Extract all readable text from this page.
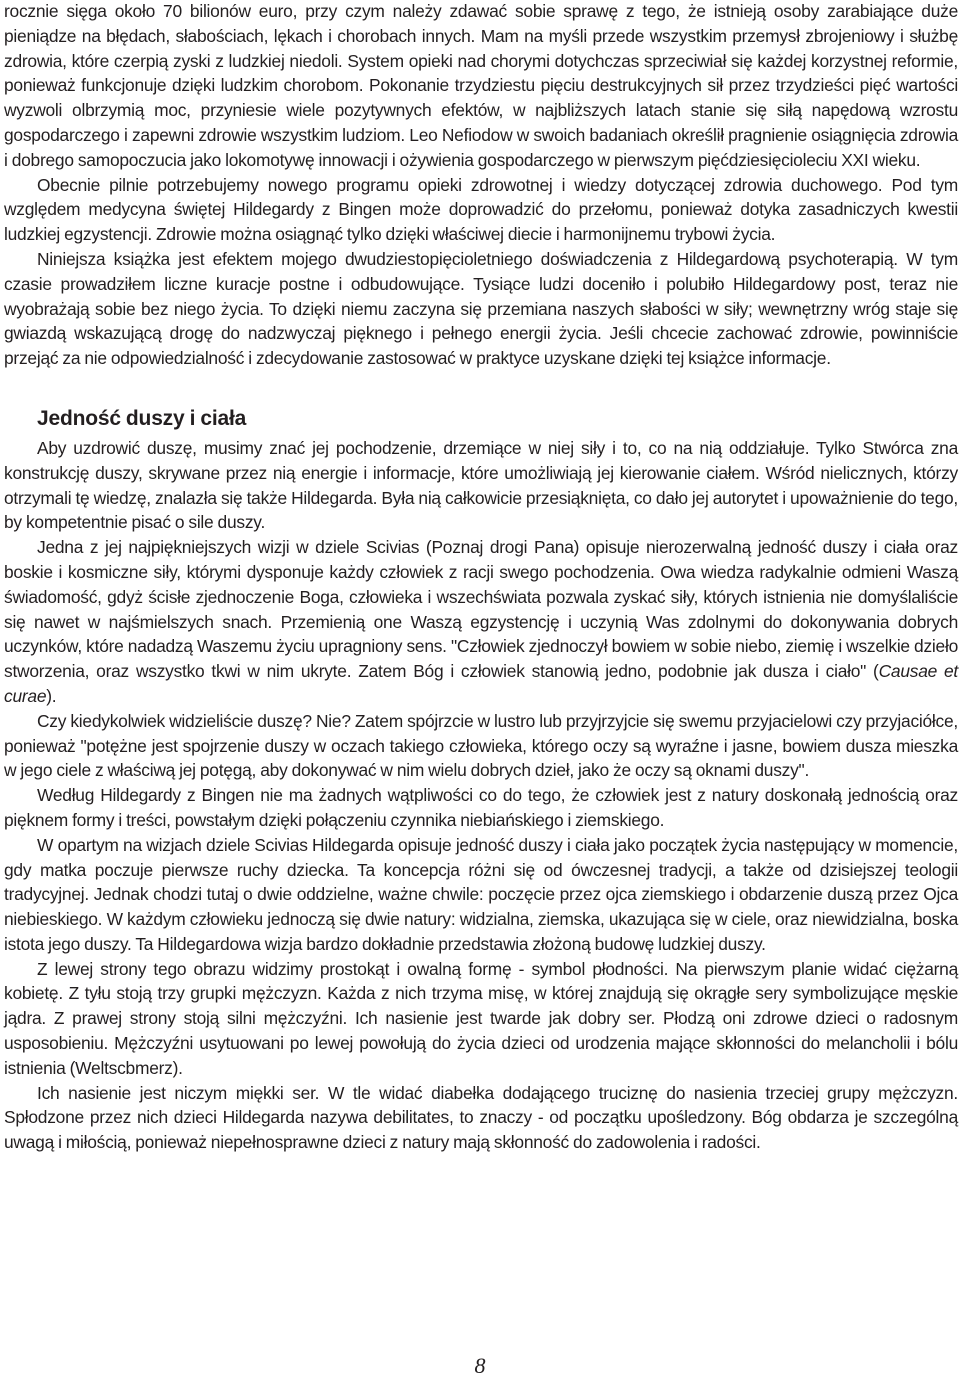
rocznie sięga około 70 bilionów euro, przy czym należy zdawać sobie sprawę z tego, że istnieją osoby zarabiające duże pieniądze na błędach, słabościach, lękach i chorobach innych. Mam na myśli przede wszystkim przemysł zbrojeniowy i służbę zdrowia, które czerpią zyski z ludzkiej niedoli. System opieki nad chorymi dotychczas sprzeciwiał się każdej korzystnej reformie, ponieważ funkcjonuje dzięki ludzkim chorobom. Pokonanie trzydziestu pięciu destrukcyjnych sił przez trzydzieści pięć wartości wyzwoli olbrzymią moc, przyniesie wiele pozytywnych efektów, w najbliższych latach stanie się siłą napędową wzrostu gospodarczego i zapewni zdrowie wszystkim ludziom. Leo Nefiodow w swoich badaniach określił pragnienie osiągnięcia zdrowia i dobrego samopoczucia jako lokomotywę innowacji i ożywienia gospodarczego w pierwszym pięćdziesięcioleciu XXI wieku.

Obecnie pilnie potrzebujemy nowego programu opieki zdrowotnej i wiedzy dotyczącej zdrowia duchowego. Pod tym względem medycyna świętej Hildegardy z Bingen może doprowadzić do przełomu, ponieważ dotyka zasadniczych kwestii ludzkiej egzystencji. Zdrowie można osiągnąć tylko dzięki właściwej diecie i harmonijnemu trybowi życia.

Niniejsza książka jest efektem mojego dwudziestopięcioletniego doświadczenia z Hildegardową psychoterapią. W tym czasie prowadziłem liczne kuracje postne i odbudowujące. Tysiące ludzi doceniło i polubiło Hildegardowy post, teraz nie wyobrażają sobie bez niego życia. To dzięki niemu zaczyna się przemiana naszych słabości w siły; wewnętrzny wróg staje się gwiazdą wskazującą drogę do nadzwyczaj pięknego i pełnego energii życia. Jeśli chcecie zachować zdrowie, powinniście przejąć za nie odpowiedzialność i zdecydowanie zastosować w praktyce uzyskane dzięki tej książce informacje.

Jedność duszy i ciała

Aby uzdrowić duszę, musimy znać jej pochodzenie, drzemiące w niej siły i to, co na nią oddziałuje. Tylko Stwórca zna konstrukcję duszy, skrywane przez nią energie i informacje, które umożliwiają jej kierowanie ciałem. Wśród nielicznych, którzy otrzymali tę wiedzę, znalazła się także Hildegarda. Była nią całkowicie przesiąknięta, co dało jej autorytet i upoważnienie do tego, by kompetentnie pisać o sile duszy.

Jedna z jej najpiękniejszych wizji w dziele Scivias (Poznaj drogi Pana) opisuje nierozerwalną jedność duszy i ciała oraz boskie i kosmiczne siły, którymi dysponuje każdy człowiek z racji swego pochodzenia. Owa wiedza radykalnie odmieni Waszą świadomość, gdyż ścisłe zjednoczenie Boga, człowieka i wszechświata pozwala zyskać siły, których istnienia nie domyślaliście się nawet w najśmielszych snach. Przemienią one Waszą egzystencję i uczynią Was zdolnymi do dokonywania dobrych uczynków, które nadadzą Waszemu życiu upragniony sens. "Człowiek zjednoczył bowiem w sobie niebo, ziemię i wszelkie dzieło stworzenia, oraz wszystko tkwi w nim ukryte. Zatem Bóg i człowiek stanowią jedno, podobnie jak dusza i ciało" (Causae et curae).

Czy kiedykolwiek widzieliście duszę? Nie? Zatem spójrzcie w lustro lub przyjrzyjcie się swemu przyjacielowi czy przyjaciółce, ponieważ "potężne jest spojrzenie duszy w oczach takiego człowieka, którego oczy są wyraźne i jasne, bowiem dusza mieszka w jego ciele z właściwą jej potęgą, aby dokonywać w nim wielu dobrych dzieł, jako że oczy są oknami duszy".

Według Hildegardy z Bingen nie ma żadnych wątpliwości co do tego, że człowiek jest z natury doskonałą jednością oraz pięknem formy i treści, powstałym dzięki połączeniu czynnika niebiańskiego i ziemskiego.

W opartym na wizjach dziele Scivias Hildegarda opisuje jedność duszy i ciała jako początek życia następujący w momencie, gdy matka poczuje pierwsze ruchy dziecka. Ta koncepcja różni się od ówczesnej tradycji, a także od dzisiejszej teologii tradycyjnej. Jednak chodzi tutaj o dwie oddzielne, ważne chwile: poczęcie przez ojca ziemskiego i obdarzenie duszą przez Ojca niebieskiego. W każdym człowieku jednoczą się dwie natury: widzialna, ziemska, ukazująca się w ciele, oraz niewidzialna, boska istota jego duszy. Ta Hildegardowa wizja bardzo dokładnie przedstawia złożoną budowę ludzkiej duszy.

Z lewej strony tego obrazu widzimy prostokąt i owalną formę - symbol płodności. Na pierwszym planie widać ciężarną kobietę. Z tyłu stoją trzy grupki mężczyzn. Każda z nich trzyma misę, w której znajdują się okrągłe sery symbolizujące męskie jądra. Z prawej strony stoją silni mężczyźni. Ich nasienie jest twarde jak dobry ser. Płodzą oni zdrowe dzieci o radosnym usposobieniu. Mężczyźni usytuowani po lewej powołują do życia dzieci od urodzenia mające skłonności do melancholii i bólu istnienia (Weltscbmerz).

Ich nasienie jest niczym miękki ser. W tle widać diabełka dodającego truciznę do nasienia trzeciej grupy mężczyzn. Spłodzone przez nich dzieci Hildegarda nazywa debilitates, to znaczy - od początku upośledzony. Bóg obdarza je szczególną uwagą i miłością, ponieważ niepełnosprawne dzieci z natury mają skłonność do zadowolenia i radości.

8
